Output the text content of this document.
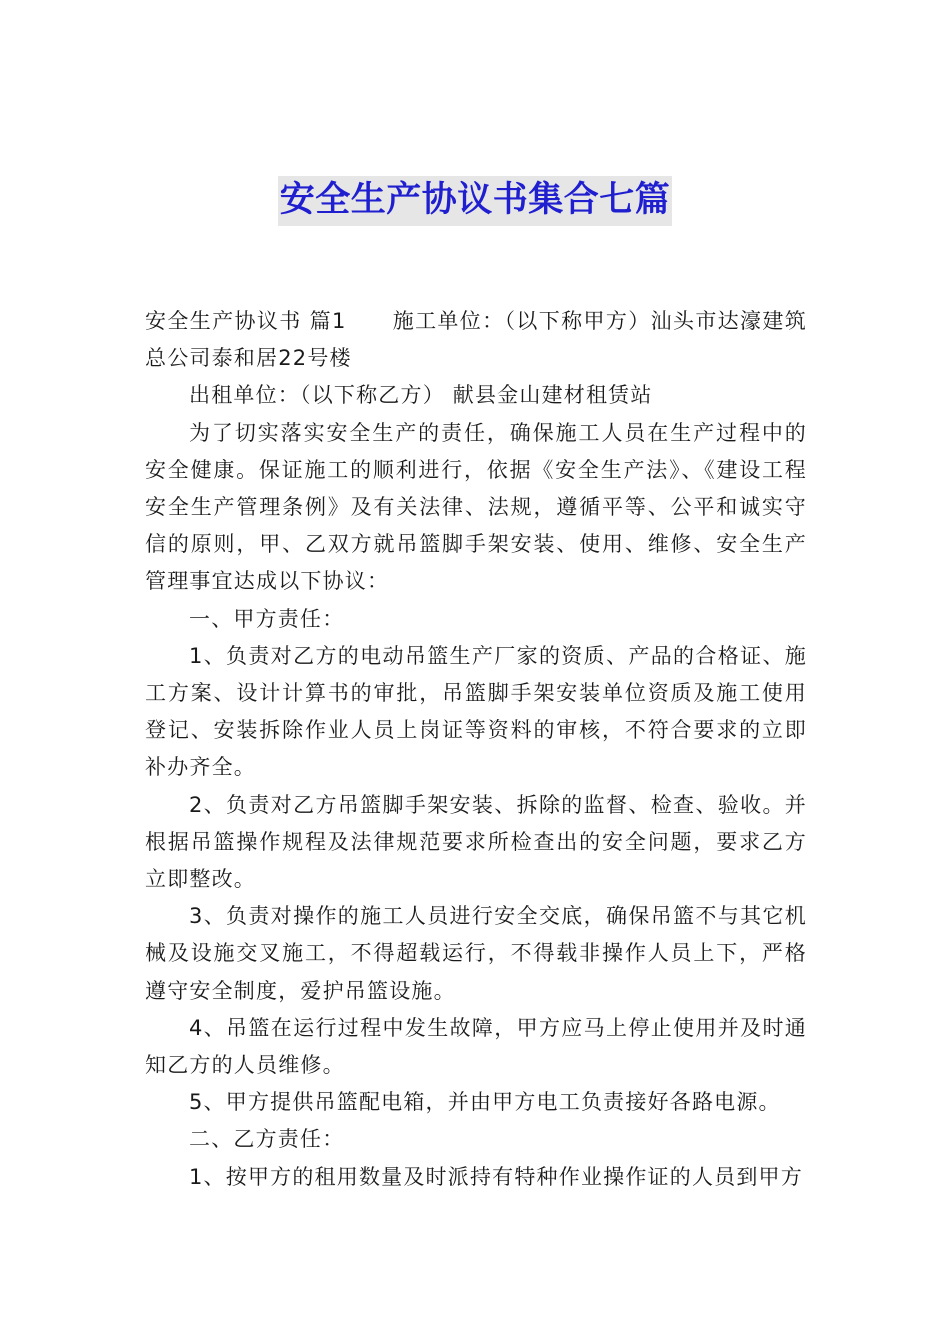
安全生产协议书集合七篇

安全生产协议书 篇1 施工单位：（以下称甲方）汕头市达濠建筑总公司泰和居22号楼

出租单位：（以下称乙方） 献县金山建材租赁站

为了切实落实安全生产的责任，确保施工人员在生产过程中的安全健康。保证施工的顺利进行，依据《安全生产法》、《建设工程安全生产管理条例》及有关法律、法规，遵循平等、公平和诚实守信的原则，甲、乙双方就吊篮脚手架安装、使用、维修、安全生产管理事宜达成以下协议：

一、甲方责任：

1、负责对乙方的电动吊篮生产厂家的资质、产品的合格证、施工方案、设计计算书的审批，吊篮脚手架安装单位资质及施工使用登记、安装拆除作业人员上岗证等资料的审核，不符合要求的立即补办齐全。

2、负责对乙方吊篮脚手架安装、拆除的监督、检查、验收。并根据吊篮操作规程及法律规范要求所检查出的安全问题，要求乙方立即整改。

3、负责对操作的施工人员进行安全交底，确保吊篮不与其它机械及设施交叉施工，不得超载运行，不得载非操作人员上下，严格遵守安全制度，爱护吊篮设施。

4、吊篮在运行过程中发生故障，甲方应马上停止使用并及时通知乙方的人员维修。

5、甲方提供吊篮配电箱，并由甲方电工负责接好各路电源。

二、乙方责任：

1、按甲方的租用数量及时派持有特种作业操作证的人员到甲方
